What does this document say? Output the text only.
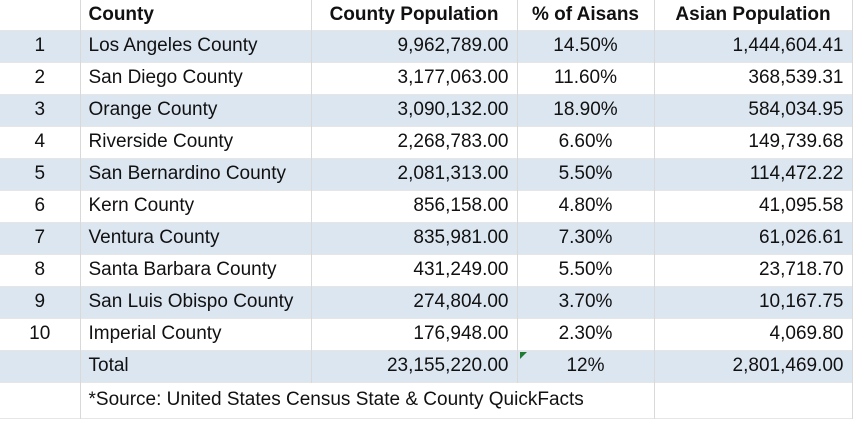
	County	County Population	% of Aisans	Asian Population
1	Los Angeles County	9,962,789.00	14.50%	1,444,604.41
2	San Diego County	3,177,063.00	11.60%	368,539.31
3	Orange County	3,090,132.00	18.90%	584,034.95
4	Riverside County	2,268,783.00	6.60%	149,739.68
5	San Bernardino County	2,081,313.00	5.50%	114,472.22
6	Kern County	856,158.00	4.80%	41,095.58
7	Ventura County	835,981.00	7.30%	61,026.61
8	Santa Barbara County	431,249.00	5.50%	23,718.70
9	San Luis Obispo County	274,804.00	3.70%	10,167.75
10	Imperial County	176,948.00	2.30%	4,069.80
	Total	23,155,220.00	12%	2,801,469.00
	*Source: United States Census State & County QuickFacts			
